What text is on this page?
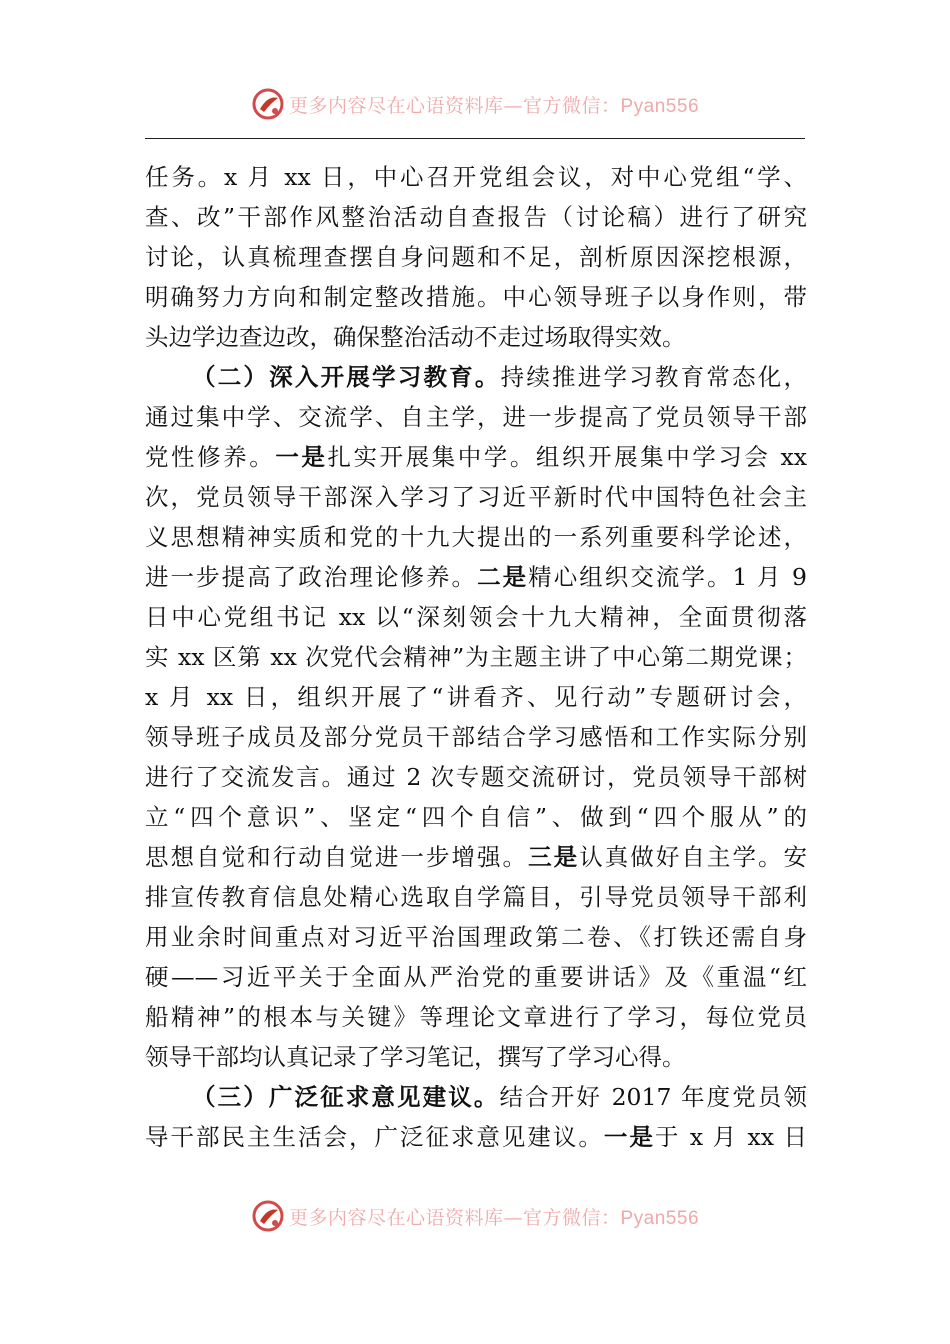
更多内容尽在心语资料库—官方微信：Pyan556

任务。x 月 xx 日，中心召开党组会议，对中心党组“学、

查、改”干部作风整治活动自查报告（讨论稿）进行了研究

讨论，认真梳理查摆自身问题和不足，剖析原因深挖根源，

明确努力方向和制定整改措施。中心领导班子以身作则，带

头边学边查边改，确保整治活动不走过场取得实效。

（二）深入开展学习教育。持续推进学习教育常态化，

通过集中学、交流学、自主学，进一步提高了党员领导干部

党性修养。一是扎实开展集中学。组织开展集中学习会 xx

次，党员领导干部深入学习了习近平新时代中国特色社会主

义思想精神实质和党的十九大提出的一系列重要科学论述，

进一步提高了政治理论修养。二是精心组织交流学。1 月 9

日中心党组书记 xx 以“深刻领会十九大精神，全面贯彻落

实 xx 区第 xx 次党代会精神”为主题主讲了中心第二期党课；

x 月 xx 日，组织开展了“讲看齐、见行动”专题研讨会，

领导班子成员及部分党员干部结合学习感悟和工作实际分别

进行了交流发言。通过 2 次专题交流研讨，党员领导干部树

立“四个意识”、坚定“四个自信”、做到“四个服从”的

思想自觉和行动自觉进一步增强。三是认真做好自主学。安

排宣传教育信息处精心选取自学篇目，引导党员领导干部利

用业余时间重点对习近平治国理政第二卷、《打铁还需自身

硬——习近平关于全面从严治党的重要讲话》及《重温“红

船精神”的根本与关键》等理论文章进行了学习，每位党员

领导干部均认真记录了学习笔记，撰写了学习心得。

（三）广泛征求意见建议。结合开好 2017 年度党员领

导干部民主生活会，广泛征求意见建议。一是于 x 月 xx 日

更多内容尽在心语资料库—官方微信：Pyan556
